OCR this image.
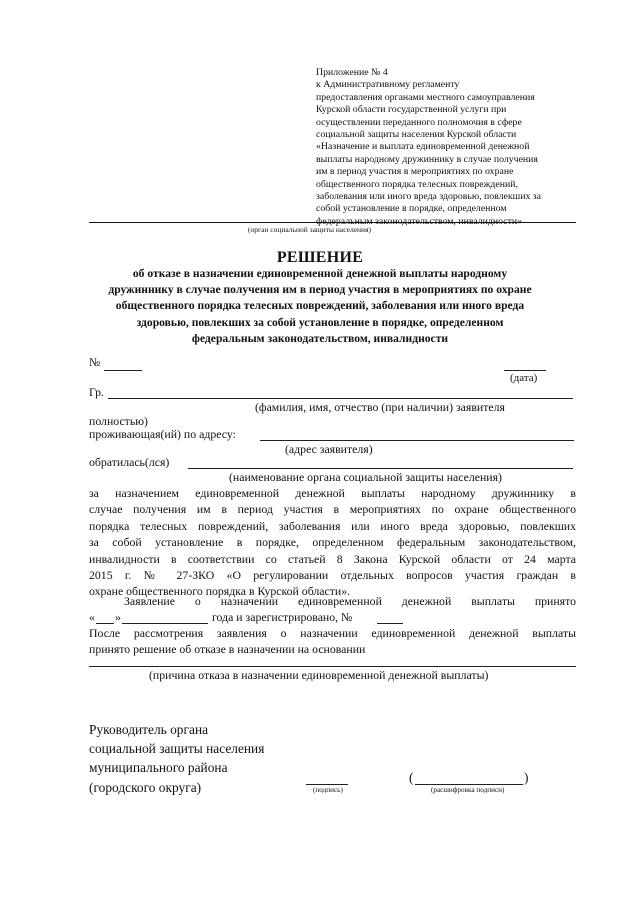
Приложение № 4
к Административному регламенту
предоставления органами местного самоуправления
Курской области государственной услуги при
осуществлении переданного полномочия в сфере
социальной защиты населения Курской области
«Назначение и выплата единовременной денежной
выплаты народному дружиннику в случае получения
им в период участия в мероприятиях по охране
общественного порядка телесных повреждений,
заболевания или иного вреда здоровью, повлекших за
собой установление в порядке, определенном
федеральным законодательством, инвалидности»
(орган социальной защиты населения)
РЕШЕНИЕ
об отказе в назначении единовременной денежной выплаты народному
дружиннику в случае получения им в период участия в мероприятиях по охране
общественного порядка телесных повреждений, заболевания или иного вреда
здоровью, повлекших за собой установление в порядке, определенном
федеральным законодательством, инвалидности
№
(дата)
Гр.
(фамилия, имя, отчество (при наличии) заявителя
полностью)
проживающая(ий) по адресу:
(адрес заявителя)
обратилась(лся)
(наименование органа социальной защиты населения)
за назначением единовременной денежной выплаты народному дружиннику в
случае получения им в период участия в мероприятиях по охране общественного
порядка телесных повреждений, заболевания или иного вреда здоровью, повлекших
за собой установление в порядке, определенном федеральным законодательством,
инвалидности в соответствии со статьей 8 Закона Курской области от 24 марта
2015 г. № 27-ЗКО «О регулировании отдельных вопросов участия граждан в
охране общественного порядка в Курской области».
Заявление о назначении единовременной денежной выплаты принято
« »	года и зарегистрировано, №
После рассмотрения заявления о назначении единовременной денежной выплаты
принято решение об отказе в назначении на основании
(причина отказа в назначении единовременной денежной выплаты)
Руководитель органа
социальной защиты населения
муниципального района
(городского округа)	(подпись)
(	)
(расшифровка подписи)
